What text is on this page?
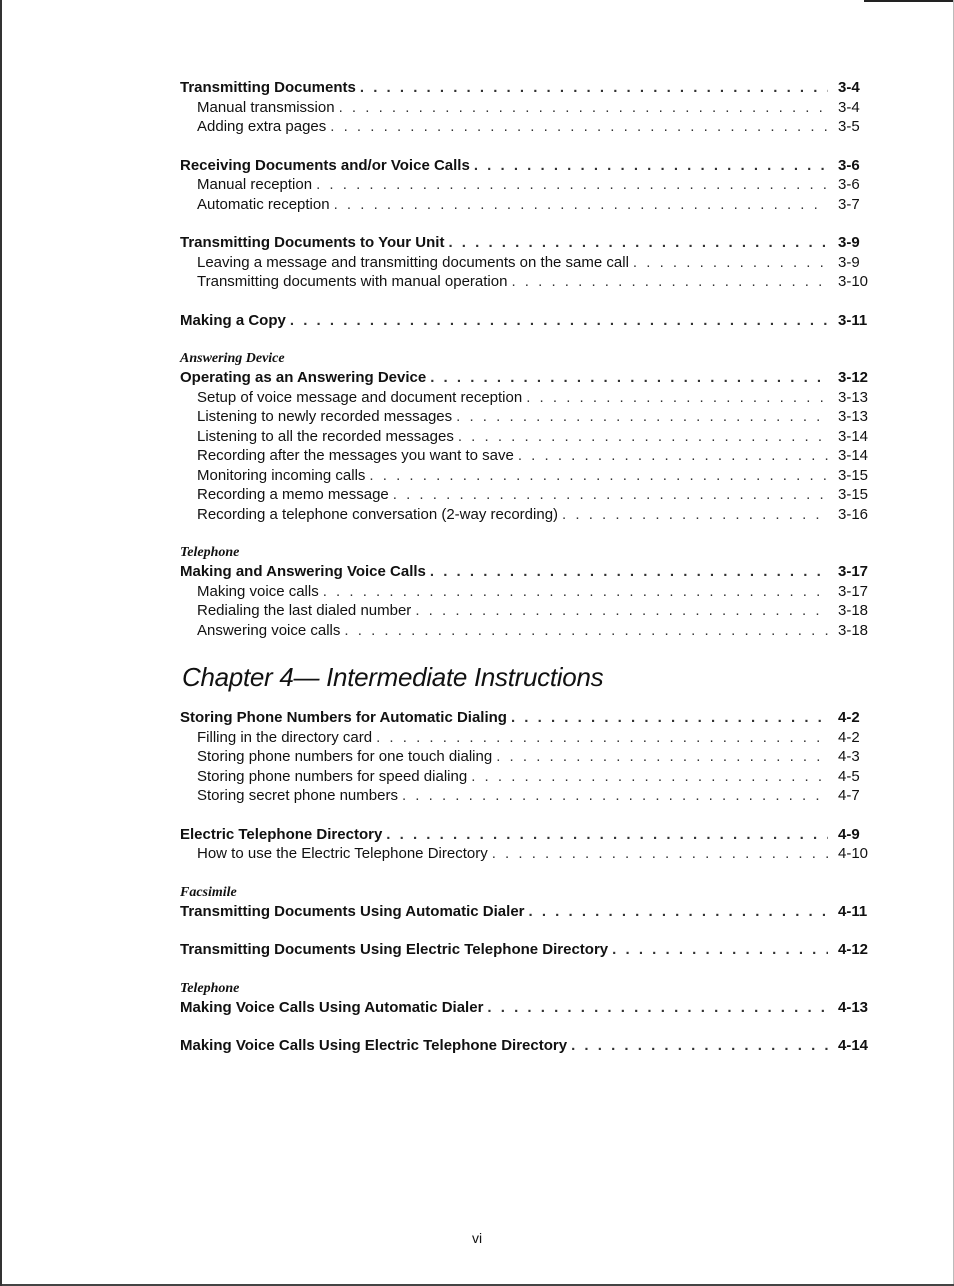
Transmitting Documents . . .	3-4
Manual transmission . . .	3-4
Adding extra pages . . .	3-5
Receiving Documents and/or Voice Calls . . .	3-6
Manual reception . . .	3-6
Automatic reception . . .	3-7
Transmitting Documents to Your Unit . . .	3-9
Leaving a message and transmitting documents on the same call . . .	3-9
Transmitting documents with manual operation . . .	3-10
Making a Copy . . .	3-11
Answering Device
Operating as an Answering Device . . .	3-12
Setup of voice message and document reception . . .	3-13
Listening to newly recorded messages . . .	3-13
Listening to all the recorded messages . . .	3-14
Recording after the messages you want to save . . .	3-14
Monitoring incoming calls . . .	3-15
Recording a memo message . . .	3-15
Recording a telephone conversation (2-way recording) . . .	3-16
Telephone
Making and Answering Voice Calls . . .	3-17
Making voice calls . . .	3-17
Redialing the last dialed number . . .	3-18
Answering voice calls . . .	3-18
Chapter 4— Intermediate Instructions
Storing Phone Numbers for Automatic Dialing . . .	4-2
Filling in the directory card . . .	4-2
Storing phone numbers for one touch dialing . . .	4-3
Storing phone numbers for speed dialing . . .	4-5
Storing secret phone numbers . . .	4-7
Electric Telephone Directory . . .	4-9
How to use the Electric Telephone Directory . . .	4-10
Facsimile
Transmitting Documents Using Automatic Dialer . . .	4-11
Transmitting Documents Using Electric Telephone Directory . . .	4-12
Telephone
Making Voice Calls Using Automatic Dialer . . .	4-13
Making Voice Calls Using Electric Telephone Directory . . .	4-14
vi
